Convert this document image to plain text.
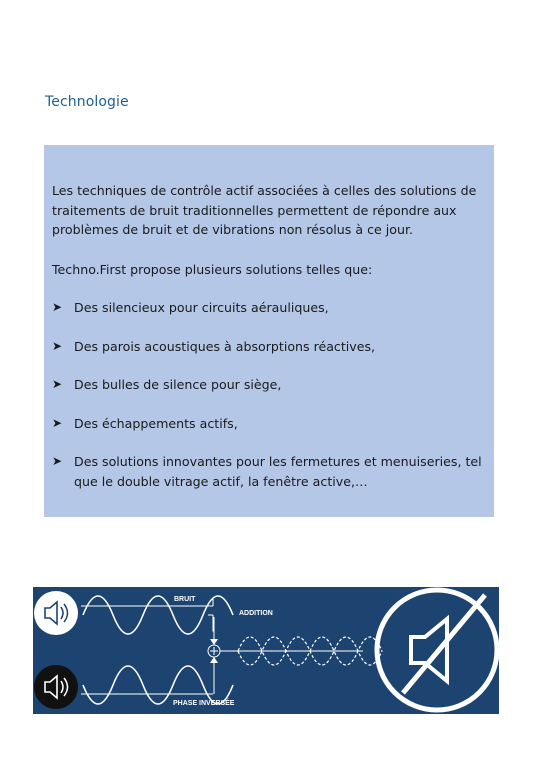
Technologie
Les techniques de contrôle actif associées à celles des solutions de traitements de bruit traditionnelles permettent de répondre aux problèmes de bruit et de vibrations non résolus à ce jour.
Techno.First propose plusieurs solutions telles que:
➤ Des silencieux pour circuits aérauliques,
➤ Des parois acoustiques à absorptions réactives,
➤ Des bulles de silence pour siège,
➤ Des échappements actifs,
➤ Des solutions innovantes pour les fermetures et menuiseries, tel que le double vitrage actif, la fenêtre active,…
BRUIT
ADDITION
PHASE INVERSÉE
